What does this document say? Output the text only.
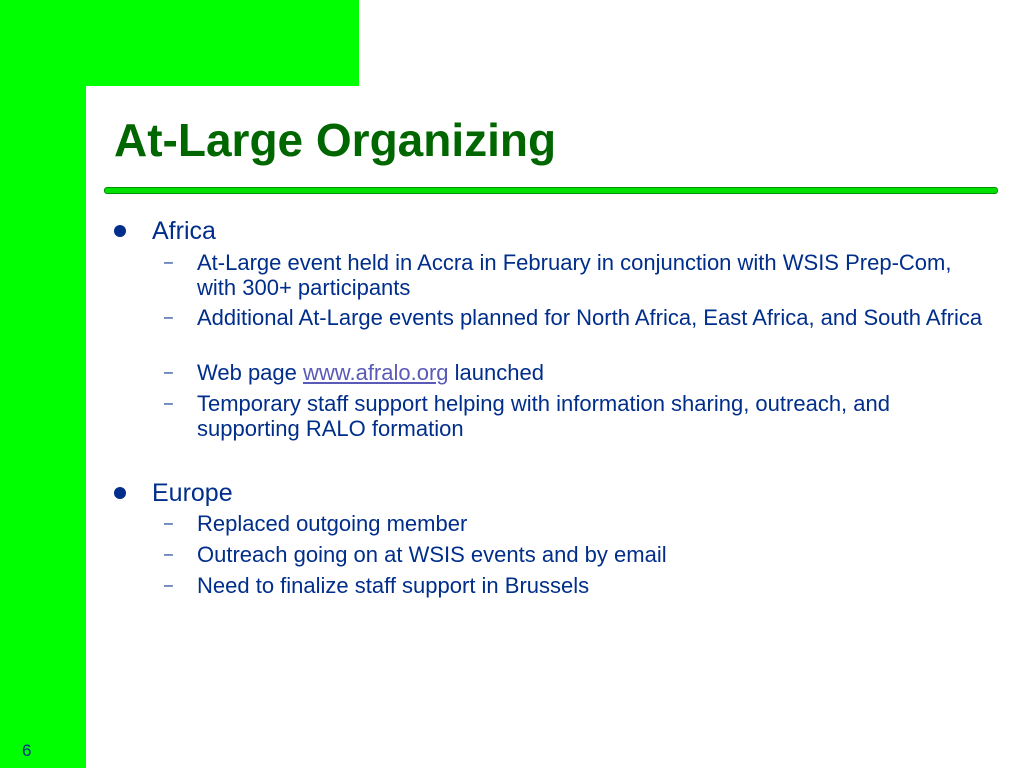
At-Large Organizing
Africa
– At-Large event held in Accra in February in conjunction with WSIS Prep-Com, with 300+ participants
– Additional At-Large events planned for North Africa, East Africa, and South Africa
– Web page www.afralo.org launched
– Temporary staff support helping with information sharing, outreach, and supporting RALO formation
Europe
– Replaced outgoing member
– Outreach going on at WSIS events and by email
– Need to finalize staff support in Brussels
6
